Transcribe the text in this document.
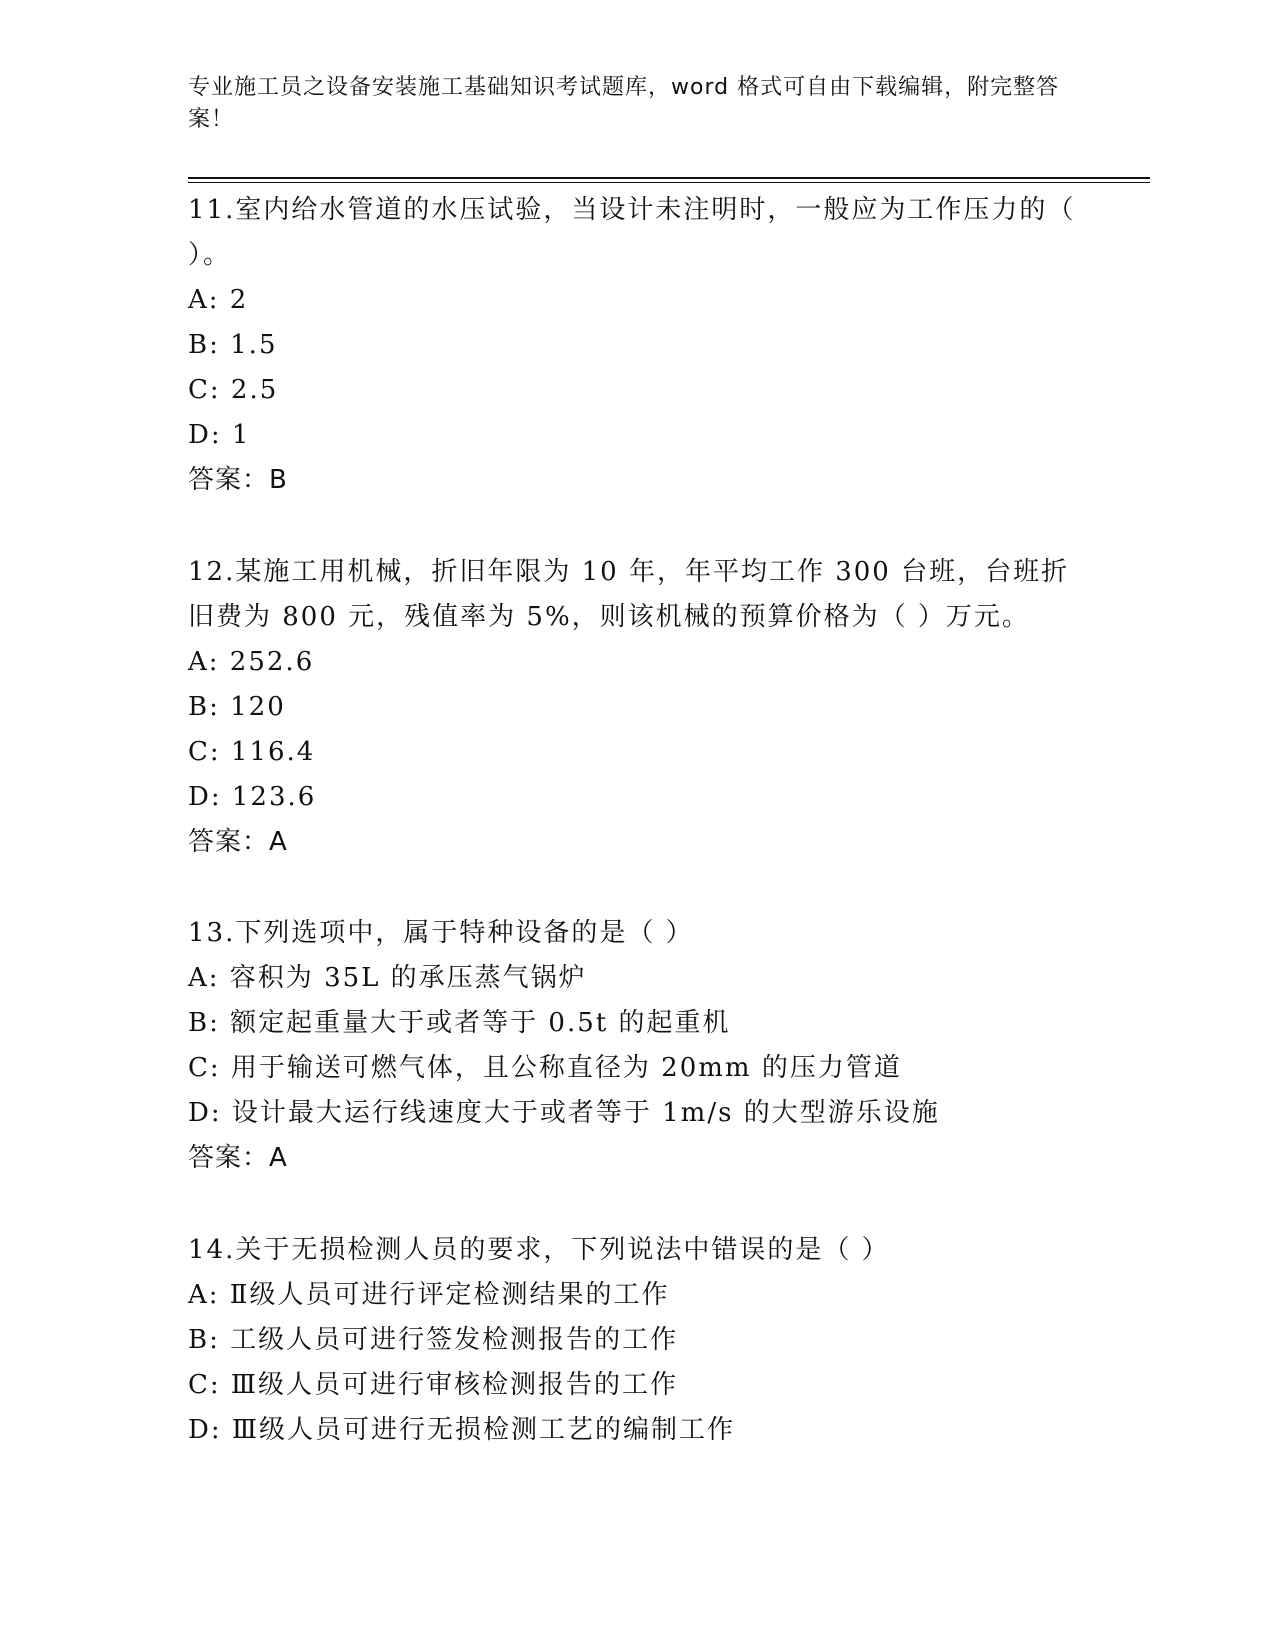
专业施工员之设备安装施工基础知识考试题库，word 格式可自由下载编辑，附完整答案！

11.室内给水管道的水压试验，当设计未注明时，一般应为工作压力的（ ）。

A: 2

B: 1.5

C: 2.5

D: 1

答案：B

12.某施工用机械，折旧年限为 10 年，年平均工作 300 台班，台班折旧费为 800 元，残值率为 5%，则该机械的预算价格为（ ）万元。

A: 252.6

B: 120

C: 116.4

D: 123.6

答案：A

13.下列选项中，属于特种设备的是（ ）

A: 容积为 35L 的承压蒸气锅炉

B: 额定起重量大于或者等于 0.5t 的起重机

C: 用于输送可燃气体，且公称直径为 20mm 的压力管道

D: 设计最大运行线速度大于或者等于 1m/s 的大型游乐设施

答案：A

14.关于无损检测人员的要求，下列说法中错误的是（ ）

A: Ⅱ级人员可进行评定检测结果的工作

B: 工级人员可进行签发检测报告的工作

C: Ⅲ级人员可进行审核检测报告的工作

D: Ⅲ级人员可进行无损检测工艺的编制工作
